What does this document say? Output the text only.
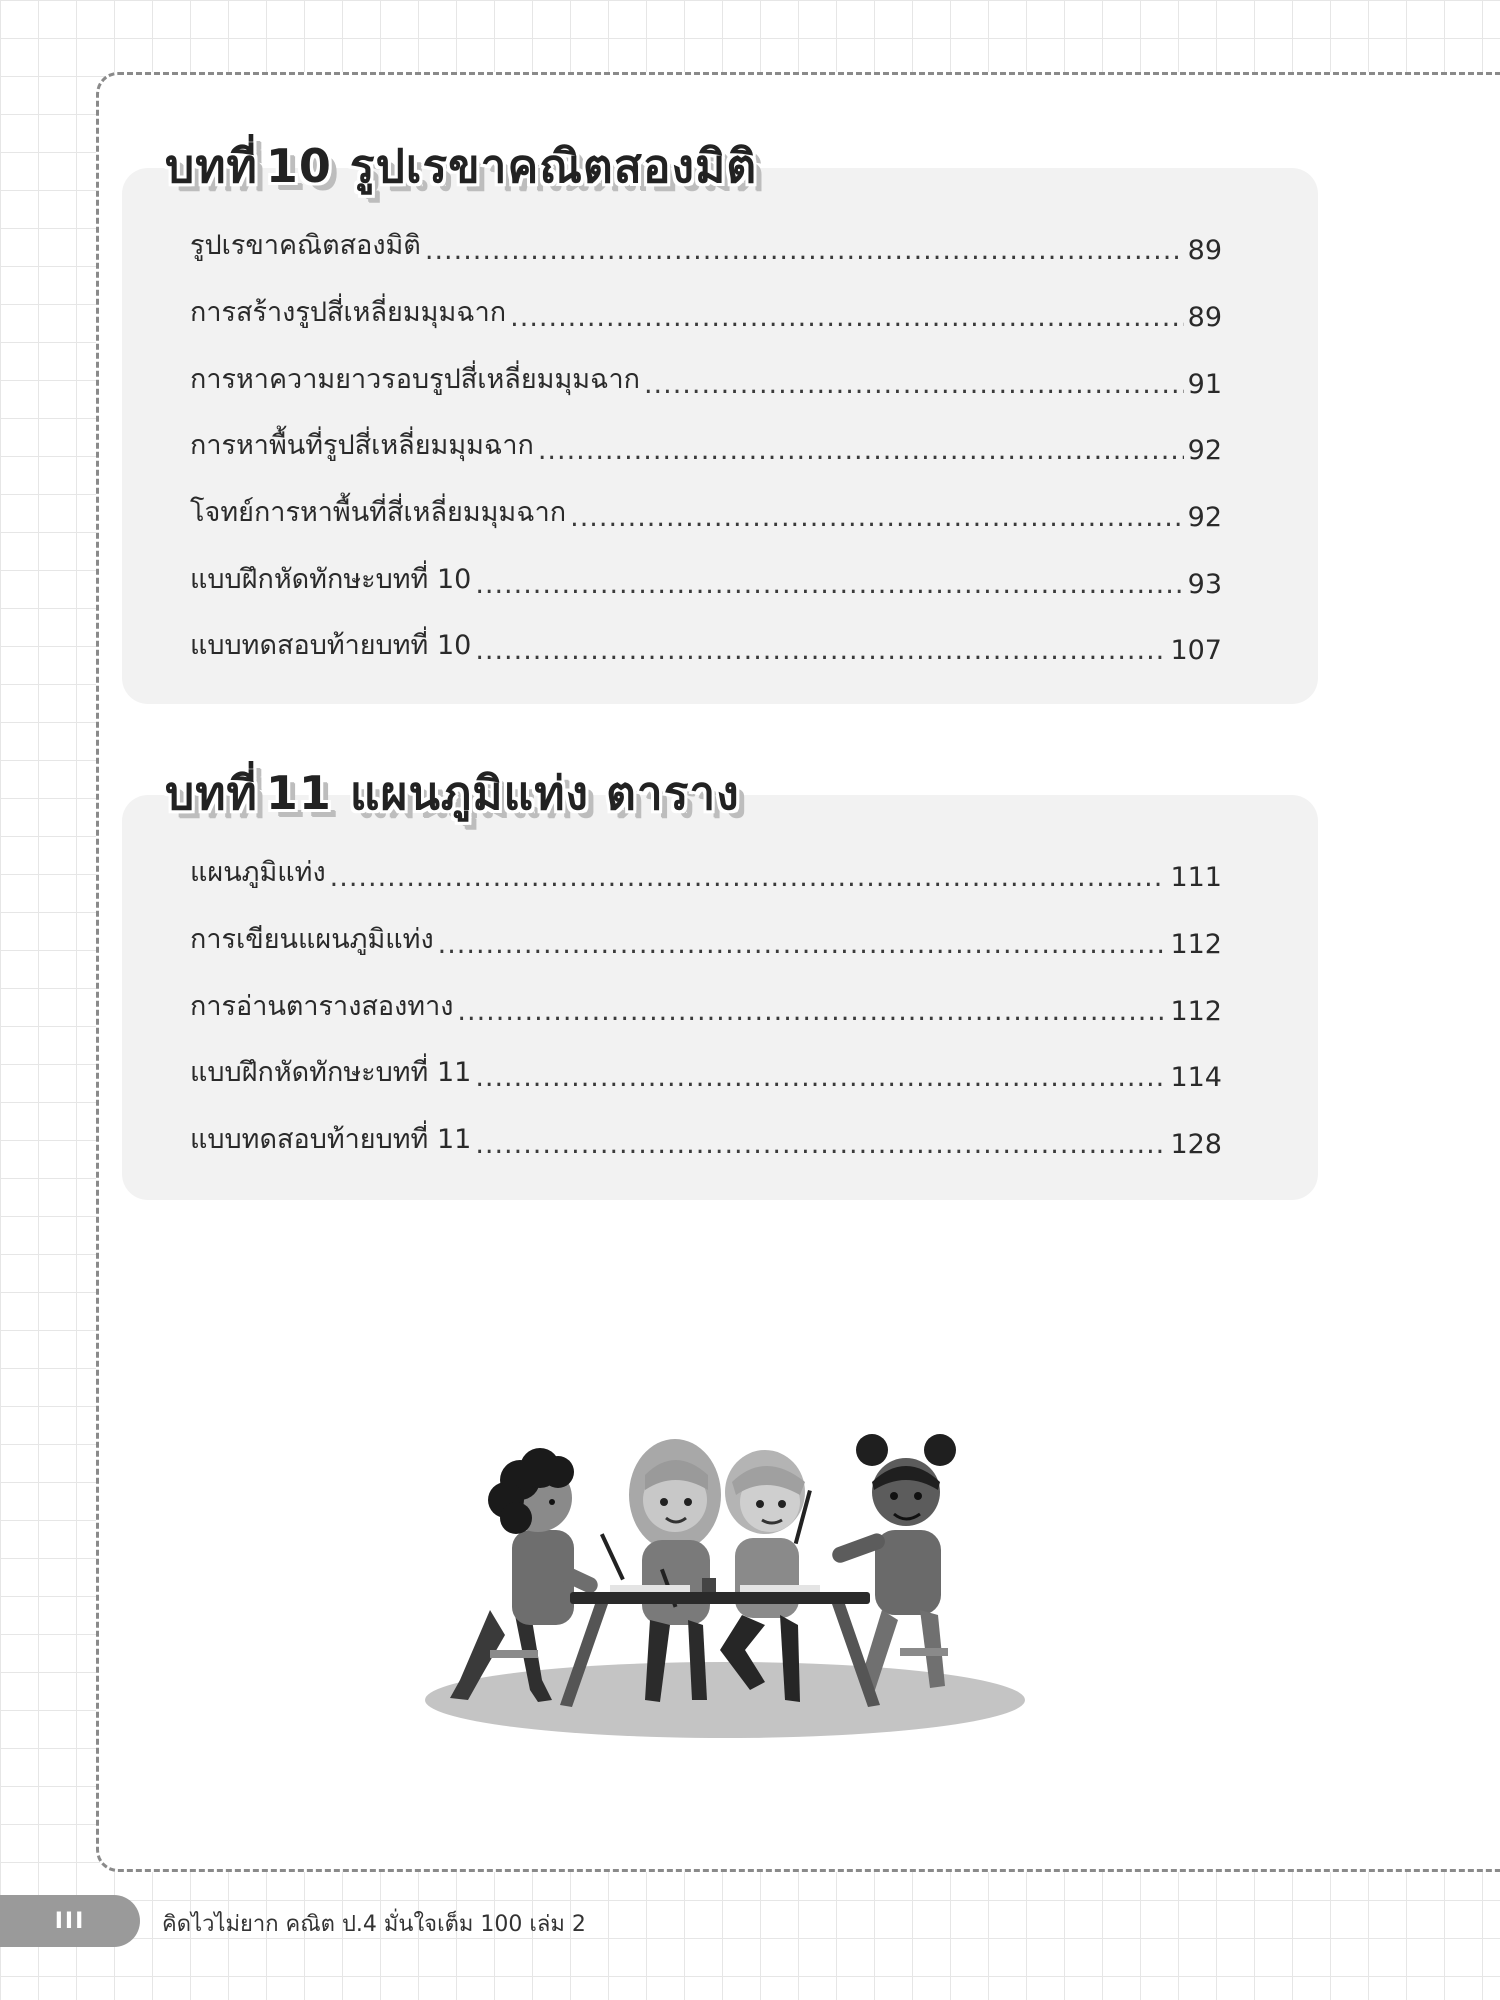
บทที่ 10 รูปเรขาคณิตสองมิติ
รูปเรขาคณิตสองมิติ .....	89
การสร้างรูปสี่เหลี่ยมมุมฉาก .....	89
การหาความยาวรอบรูปสี่เหลี่ยมมุมฉาก .....	91
การหาพื้นที่รูปสี่เหลี่ยมมุมฉาก .....	92
โจทย์การหาพื้นที่สี่เหลี่ยมมุมฉาก .....	92
แบบฝึกหัดทักษะบทที่ 10 .....	93
แบบทดสอบท้ายบทที่ 10 .....	107
บทที่ 11 แผนภูมิแท่ง ตาราง
แผนภูมิแท่ง .....	111
การเขียนแผนภูมิแท่ง .....	112
การอ่านตารางสองทาง .....	112
แบบฝึกหัดทักษะบทที่ 11 .....	114
แบบทดสอบท้ายบทที่ 11 .....	128
III	คิดไวไม่ยาก คณิต ป.4 มั่นใจเต็ม 100 เล่ม 2
